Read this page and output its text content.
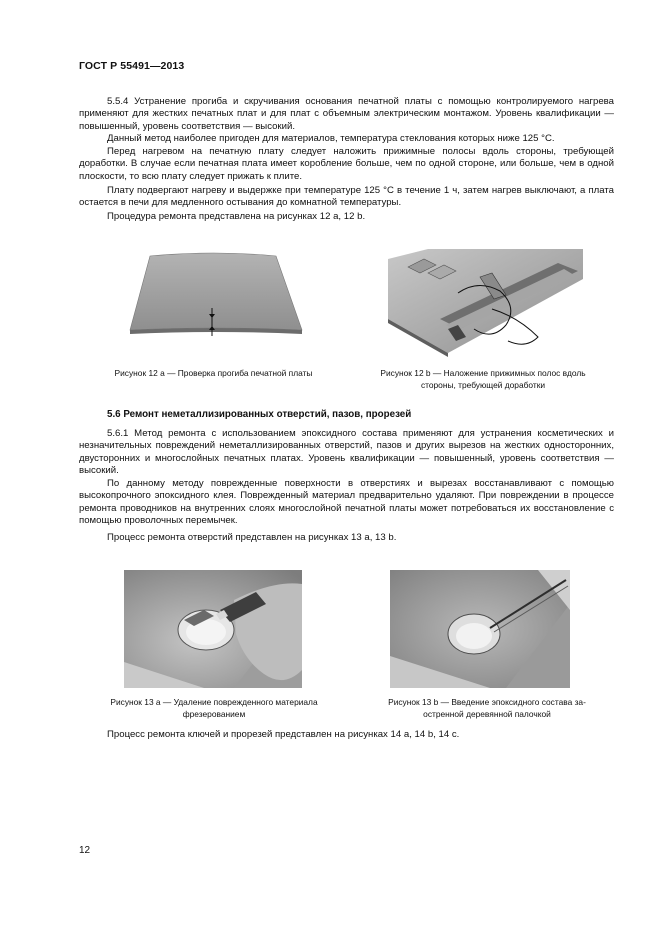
ГОСТ Р 55491—2013

5.5.4 Устранение прогиба и скручивания основания печатной платы с помощью контролируемого нагрева применяют для жестких печатных плат и для плат с объемным электрическим монтажом. Уровень квалификации — повышенный, уровень соответствия — высокий.

Данный метод наиболее пригоден для материалов, температура стеклования которых ниже 125 °С.

Перед нагревом на печатную плату следует наложить прижимные полосы вдоль стороны, требующей доработки. В случае если печатная плата имеет коробление больше, чем по одной стороне, или больше, чем в одной плоскости, то всю плату следует прижать к плите.

Плату подвергают нагреву и выдержке при температуре 125 °С в течение 1 ч, затем нагрев выключают, а плата остается в печи для медленного остывания до комнатной температуры.

Процедура ремонта представлена на рисунках 12 а, 12 b.

Рисунок 12 а — Проверка прогиба печатной платы	Рисунок 12 b — Наложение прижимных полос вдоль
стороны, требующей доработки
5.6 Ремонт неметаллизированных отверстий, пазов, прорезей

5.6.1 Метод ремонта с использованием эпоксидного состава применяют для устранения косметических и незначительных повреждений неметаллизированных отверстий, пазов и других вырезов на жестких односторонних, двусторонних и многослойных печатных платах. Уровень квалификации — повышенный, уровень соответствия — высокий.

По данному методу поврежденные поверхности в отверстиях и вырезах восстанавливают с помощью высокопрочного эпоксидного клея. Поврежденный материал предварительно удаляют. При повреждении в процессе ремонта проводников на внутренних слоях многослойной печатной платы может потребоваться их восстановление с помощью проволочных перемычек.

Процесс ремонта отверстий представлен на рисунках 13 а, 13 b.

Рисунок 13 а — Удаление поврежденного материала
фрезерованием
Рисунок 13 b — Введение эпоксидного состава за-
остренной деревянной палочкой

Процесс ремонта ключей и прорезей представлен на рисунках 14 а, 14 b, 14 с.

12
